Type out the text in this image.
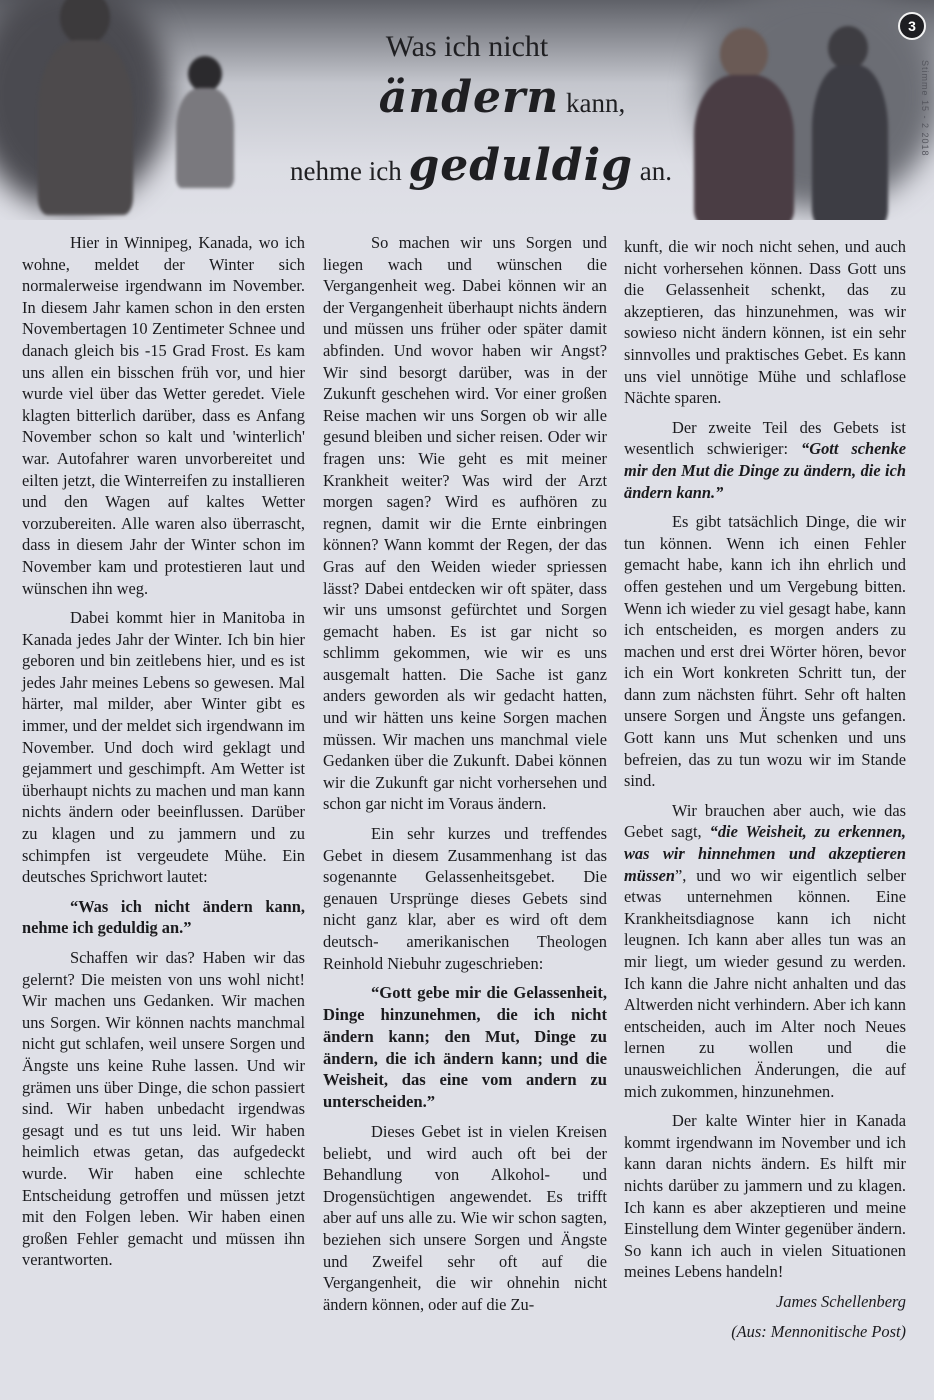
Was ich nicht
ändern kann,
nehme ich geduldig an.
3
Stimme 15 - 2 2018

Hier in Winnipeg, Kanada, wo ich wohne, meldet der Winter sich normalerweise irgendwann im November. In diesem Jahr kamen schon in den ersten Novembertagen 10 Zentimeter Schnee und danach gleich bis -15 Grad Frost. Es kam uns allen ein bisschen früh vor, und hier wurde viel über das Wetter geredet. Viele klagten bitterlich darüber, dass es Anfang November schon so kalt und 'winterlich' war. Autofahrer waren unvorbereitet und eilten jetzt, die Winterreifen zu installieren und den Wagen auf kaltes Wetter vorzubereiten. Alle waren also überrascht, dass in diesem Jahr der Winter schon im November kam und protestieren laut und wünschen ihn weg.

Dabei kommt hier in Manitoba in Kanada jedes Jahr der Winter. Ich bin hier geboren und bin zeitlebens hier, und es ist jedes Jahr meines Lebens so gewesen. Mal härter, mal milder, aber Winter gibt es immer, und der meldet sich irgendwann im November. Und doch wird geklagt und gejammert und geschimpft. Am Wetter ist überhaupt nichts zu machen und man kann nichts ändern oder beeinflussen. Darüber zu klagen und zu jammern und zu schimpfen ist vergeudete Mühe. Ein deutsches Sprichwort lautet:

“Was ich nicht ändern kann, nehme ich geduldig an.”

Schaffen wir das? Haben wir das gelernt? Die meisten von uns wohl nicht! Wir machen uns Gedanken. Wir machen uns Sorgen. Wir können nachts manchmal nicht gut schlafen, weil unsere Sorgen und Ängste uns keine Ruhe lassen. Und wir grämen uns über Dinge, die schon passiert sind. Wir haben unbedacht irgendwas gesagt und es tut uns leid. Wir haben heimlich etwas getan, das aufgedeckt wurde. Wir haben eine schlechte Entscheidung getroffen und müssen jetzt mit den Folgen leben. Wir haben einen großen Fehler gemacht und müssen ihn verantworten.

So machen wir uns Sorgen und liegen wach und wünschen die Vergangenheit weg. Dabei können wir an der Vergangenheit überhaupt nichts ändern und müssen uns früher oder später damit abfinden. Und wovor haben wir Angst? Wir sind besorgt darüber, was in der Zukunft geschehen wird. Vor einer großen Reise machen wir uns Sorgen ob wir alle gesund bleiben und sicher reisen. Oder wir fragen uns: Wie geht es mit meiner Krankheit weiter? Was wird der Arzt morgen sagen? Wird es aufhören zu regnen, damit wir die Ernte einbringen können? Wann kommt der Regen, der das Gras auf den Weiden wieder spriessen lässt? Dabei entdecken wir oft später, dass wir uns umsonst gefürchtet und Sorgen gemacht haben. Es ist gar nicht so schlimm gekommen, wie wir es uns ausgemalt hatten. Die Sache ist ganz anders geworden als wir gedacht hatten, und wir hätten uns keine Sorgen machen müssen. Wir machen uns manchmal viele Gedanken über die Zukunft. Dabei können wir die Zukunft gar nicht vorhersehen und schon gar nicht im Voraus ändern.

Ein sehr kurzes und treffendes Gebet in diesem Zusammenhang ist das sogenannte Gelassenheitsgebet. Die genauen Ursprünge dieses Gebets sind nicht ganz klar, aber es wird oft dem deutsch- amerikanischen Theologen Reinhold Niebuhr zugeschrieben:

“Gott gebe mir die Gelassenheit, Dinge hinzunehmen, die ich nicht ändern kann; den Mut, Dinge zu ändern, die ich ändern kann; und die Weisheit, das eine vom andern zu unterscheiden.”

Dieses Gebet ist in vielen Kreisen beliebt, und wird auch oft bei der Behandlung von Alkohol- und Drogensüchtigen angewendet. Es trifft aber auf uns alle zu. Wie wir schon sagten, beziehen sich unsere Sorgen und Ängste und Zweifel sehr oft auf die Vergangenheit, die wir ohnehin nicht ändern können, oder auf die Zu-

kunft, die wir noch nicht sehen, und auch nicht vorhersehen können. Dass Gott uns die Gelassenheit schenkt, das zu akzeptieren, das hinzunehmen, was wir sowieso nicht ändern können, ist ein sehr sinnvolles und praktisches Gebet. Es kann uns viel unnötige Mühe und schlaflose Nächte sparen.

Der zweite Teil des Gebets ist wesentlich schwieriger: “Gott schenke mir den Mut die Dinge zu ändern, die ich ändern kann.”

Es gibt tatsächlich Dinge, die wir tun können. Wenn ich einen Fehler gemacht habe, kann ich ihn ehrlich und offen gestehen und um Vergebung bitten. Wenn ich wieder zu viel gesagt habe, kann ich entscheiden, es morgen anders zu machen und erst drei Wörter hören, bevor ich ein Wort konkreten Schritt tun, der dann zum nächsten führt. Sehr oft halten unsere Sorgen und Ängste uns gefangen. Gott kann uns Mut schenken und uns befreien, das zu tun wozu wir im Stande sind.

Wir brauchen aber auch, wie das Gebet sagt, “die Weisheit, zu erkennen, was wir hinnehmen und akzeptieren müssen”, und wo wir eigentlich selber etwas unternehmen können. Eine Krankheitsdiagnose kann ich nicht leugnen. Ich kann aber alles tun was an mir liegt, um wieder gesund zu werden. Ich kann die Jahre nicht anhalten und das Altwerden nicht verhindern. Aber ich kann entscheiden, auch im Alter noch Neues lernen zu wollen und die unausweichlichen Änderungen, die auf mich zukommen, hinzunehmen.

Der kalte Winter hier in Kanada kommt irgendwann im November und ich kann daran nichts ändern. Es hilft mir nichts darüber zu jammern und zu klagen. Ich kann es aber akzeptieren und meine Einstellung dem Winter gegenüber ändern. So kann ich auch in vielen Situationen meines Lebens handeln!

James Schellenberg

(Aus: Mennonitische Post)
